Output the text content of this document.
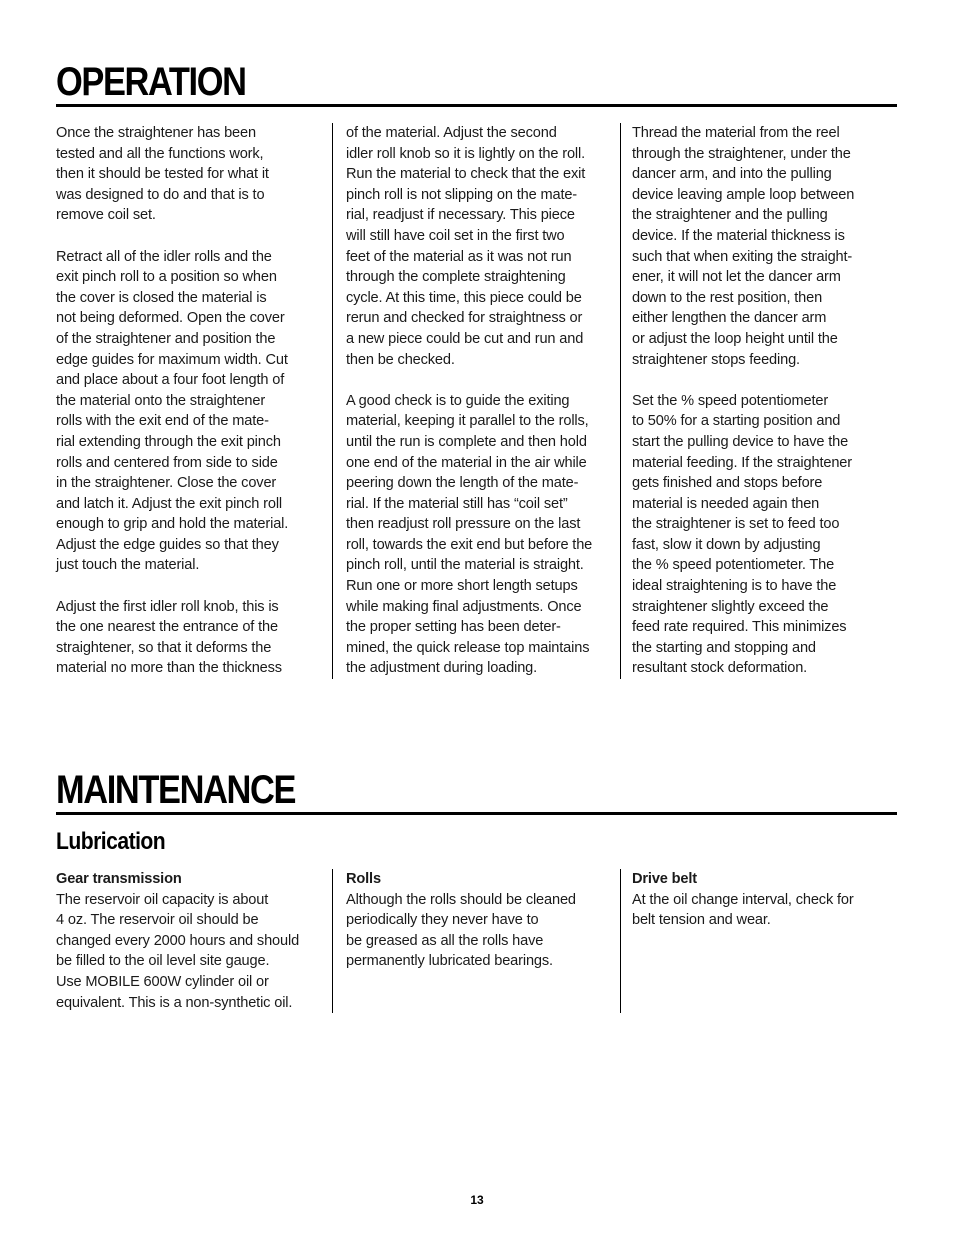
OPERATION

Once the straightener has been
tested and all the functions work,
then it should be tested for what it
was designed to do and that is to
remove coil set.

Retract all of the idler rolls and the
exit pinch roll to a position so when
the cover is closed the material is
not being deformed. Open the cover
of the straightener and position the
edge guides for maximum width. Cut
and place about a four foot length of
the material onto the straightener
rolls with the exit end of the mate-
rial extending through the exit pinch
rolls and centered from side to side
in the straightener. Close the cover
and latch it. Adjust the exit pinch roll
enough to grip and hold the material.
Adjust the edge guides so that they
just touch the material.

Adjust the first idler roll knob, this is
the one nearest the entrance of the
straightener, so that it deforms the
material no more than the thickness

of the material. Adjust the second
idler roll knob so it is lightly on the roll.
Run the material to check that the exit
pinch roll is not slipping on the mate-
rial, readjust if necessary. This piece
will still have coil set in the first two
feet of the material as it was not run
through the complete straightening
cycle. At this time, this piece could be
rerun and checked for straightness or
a new piece could be cut and run and
then be checked.

A good check is to guide the exiting
material, keeping it parallel to the rolls,
until the run is complete and then hold
one end of the material in the air while
peering down the length of the mate-
rial. If the material still has “coil set”
then readjust roll pressure on the last
roll, towards the exit end but before the
pinch roll, until the material is straight.
Run one or more short length setups
while making final adjustments. Once
the proper setting has been deter-
mined, the quick release top maintains
the adjustment during loading.

Thread the material from the reel
through the straightener, under the
dancer arm, and into the pulling
device leaving ample loop between
the straightener and the pulling
device. If the material thickness is
such that when exiting the straight-
ener, it will not let the dancer arm
down to the rest position, then
either lengthen the dancer arm
or adjust the loop height until the
straightener stops feeding.

Set the % speed potentiometer
to 50% for a starting position and
start the pulling device to have the
material feeding. If the straightener
gets finished and stops before
material is needed again then
the straightener is set to feed too
fast, slow it down by adjusting
the % speed potentiometer. The
ideal straightening is to have the
straightener slightly exceed the
feed rate required. This minimizes
the starting and stopping and
resultant stock deformation.

MAINTENANCE
Lubrication
Gear transmission

The reservoir oil capacity is about
4 oz. The reservoir oil should be
changed every 2000 hours and should
be filled to the oil level site gauge.
Use MOBILE 600W cylinder oil or
equivalent. This is a non-synthetic oil.

Rolls

Although the rolls should be cleaned
periodically they never have to
be greased as all the rolls have
permanently lubricated bearings.

Drive belt

At the oil change interval, check for
belt tension and wear.

13
